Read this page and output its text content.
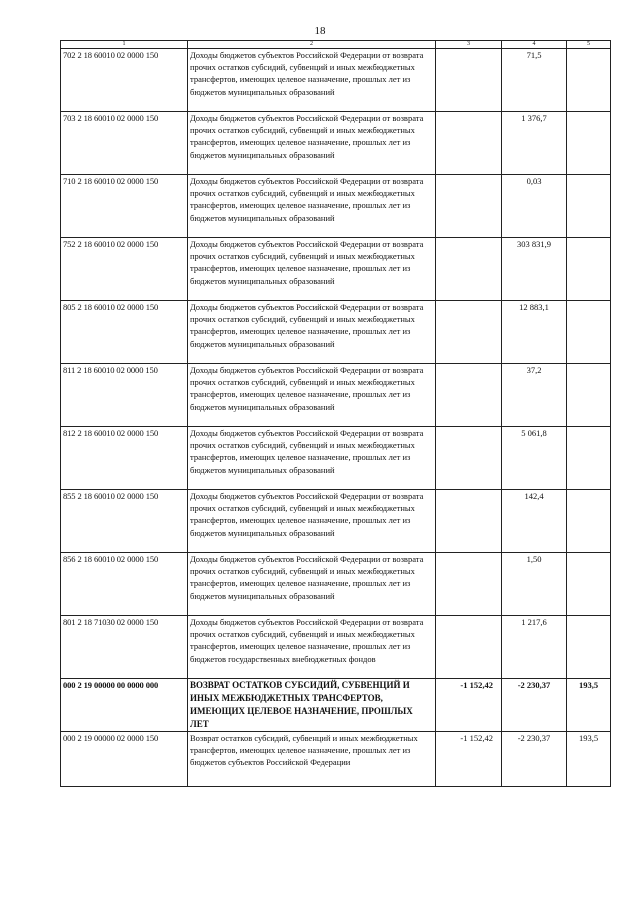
18
1	2	3	4	5
702 2 18 60010 02 0000 150	Доходы бюджетов субъектов Российской Федерации от возврата прочих остатков субсидий, субвенций и иных межбюджетных трансфертов, имеющих целевое назначение, прошлых лет из бюджетов муниципальных образований		71,5	
703 2 18 60010 02 0000 150	Доходы бюджетов субъектов Российской Федерации от возврата прочих остатков субсидий, субвенций и иных межбюджетных трансфертов, имеющих целевое назначение, прошлых лет из бюджетов муниципальных образований		1 376,7	
710 2 18 60010 02 0000 150	Доходы бюджетов субъектов Российской Федерации от возврата прочих остатков субсидий, субвенций и иных межбюджетных трансфертов, имеющих целевое назначение, прошлых лет из бюджетов муниципальных образований		0,03	
752 2 18 60010 02 0000 150	Доходы бюджетов субъектов Российской Федерации от возврата прочих остатков субсидий, субвенций и иных межбюджетных трансфертов, имеющих целевое назначение, прошлых лет из бюджетов муниципальных образований		303 831,9	
805 2 18 60010 02 0000 150	Доходы бюджетов субъектов Российской Федерации от возврата прочих остатков субсидий, субвенций и иных межбюджетных трансфертов, имеющих целевое назначение, прошлых лет из бюджетов муниципальных образований		12 883,1	
811 2 18 60010 02 0000 150	Доходы бюджетов субъектов Российской Федерации от возврата прочих остатков субсидий, субвенций и иных межбюджетных трансфертов, имеющих целевое назначение, прошлых лет из бюджетов муниципальных образований		37,2	
812 2 18 60010 02 0000 150	Доходы бюджетов субъектов Российской Федерации от возврата прочих остатков субсидий, субвенций и иных межбюджетных трансфертов, имеющих целевое назначение, прошлых лет из бюджетов муниципальных образований		5 061,8	
855 2 18 60010 02 0000 150	Доходы бюджетов субъектов Российской Федерации от возврата прочих остатков субсидий, субвенций и иных межбюджетных трансфертов, имеющих целевое назначение, прошлых лет из бюджетов муниципальных образований		142,4	
856 2 18 60010 02 0000 150	Доходы бюджетов субъектов Российской Федерации от возврата прочих остатков субсидий, субвенций и иных межбюджетных трансфертов, имеющих целевое назначение, прошлых лет из бюджетов муниципальных образований		1,50	
801 2 18 71030 02 0000 150	Доходы бюджетов субъектов Российской Федерации от возврата прочих остатков субсидий, субвенций и иных межбюджетных трансфертов, имеющих целевое назначение, прошлых лет из бюджетов государственных внебюджетных фондов		1 217,6	
000 2 19 00000 00 0000 000	ВОЗВРАТ ОСТАТКОВ СУБСИДИЙ, СУБВЕНЦИЙ И ИНЫХ МЕЖБЮДЖЕТНЫХ ТРАНСФЕРТОВ, ИМЕЮЩИХ ЦЕЛЕВОЕ НАЗНАЧЕНИЕ, ПРОШЛЫХ ЛЕТ	-1 152,42	-2 230,37	193,5
000 2 19 00000 02 0000 150	Возврат остатков субсидий, субвенций и иных межбюджетных трансфертов, имеющих целевое назначение, прошлых лет из бюджетов субъектов Российской Федерации	-1 152,42	-2 230,37	193,5
